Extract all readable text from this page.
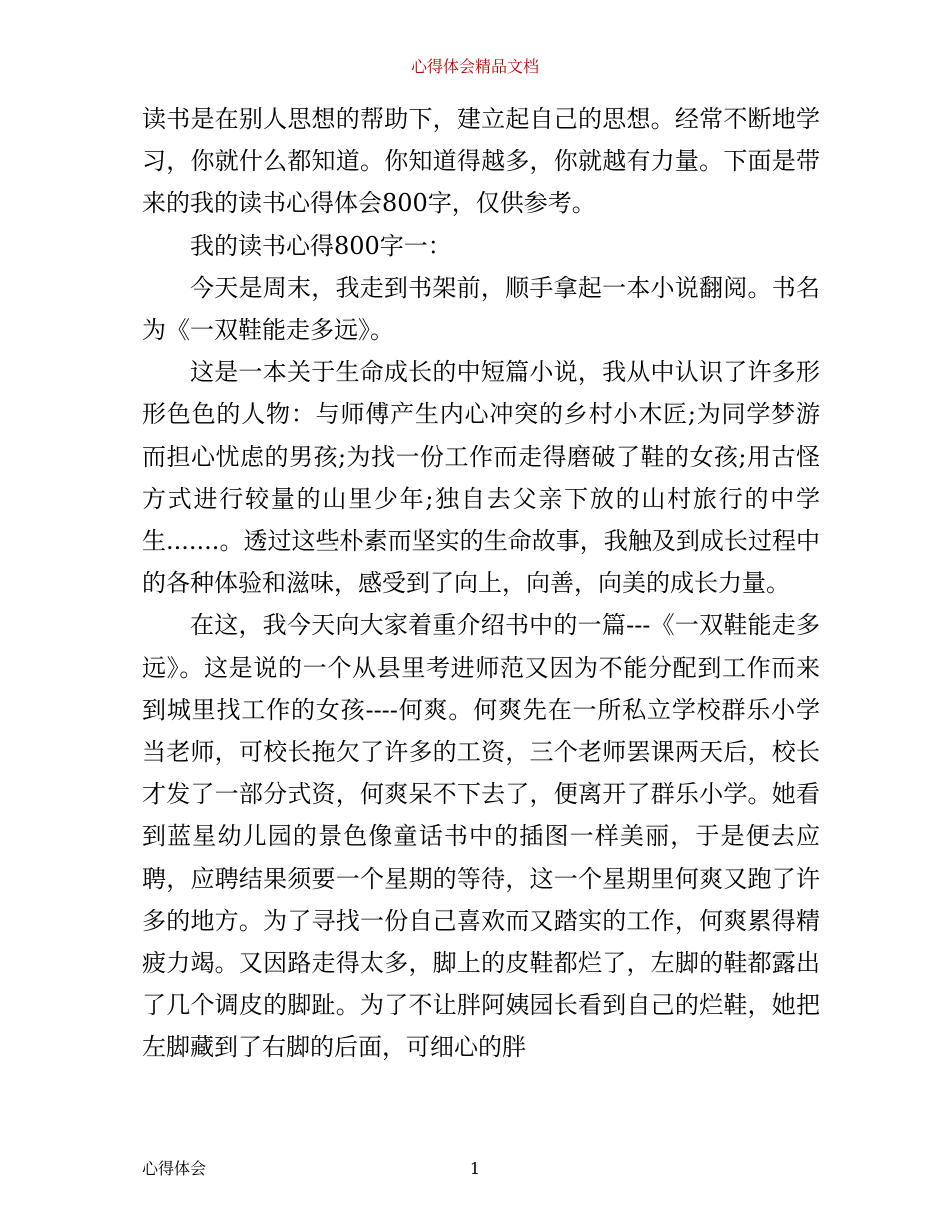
心得体会精品文档

读书是在别人思想的帮助下，建立起自己的思想。经常不断地学习，你就什么都知道。你知道得越多，你就越有力量。下面是带来的我的读书心得体会800字，仅供参考。

我的读书心得800字一：

今天是周末，我走到书架前，顺手拿起一本小说翻阅。书名为《一双鞋能走多远》。

这是一本关于生命成长的中短篇小说，我从中认识了许多形形色色的人物：与师傅产生内心冲突的乡村小木匠;为同学梦游而担心忧虑的男孩;为找一份工作而走得磨破了鞋的女孩;用古怪方式进行较量的山里少年;独自去父亲下放的山村旅行的中学生.......。透过这些朴素而坚实的生命故事，我触及到成长过程中的各种体验和滋味，感受到了向上，向善，向美的成长力量。

在这，我今天向大家着重介绍书中的一篇---《一双鞋能走多远》。这是说的一个从县里考进师范又因为不能分配到工作而来到城里找工作的女孩----何爽。何爽先在一所私立学校群乐小学当老师，可校长拖欠了许多的工资，三个老师罢课两天后，校长才发了一部分式资，何爽呆不下去了，便离开了群乐小学。她看到蓝星幼儿园的景色像童话书中的插图一样美丽，于是便去应聘，应聘结果须要一个星期的等待，这一个星期里何爽又跑了许多的地方。为了寻找一份自己喜欢而又踏实的工作，何爽累得精疲力竭。又因路走得太多，脚上的皮鞋都烂了，左脚的鞋都露出了几个调皮的脚趾。为了不让胖阿姨园长看到自己的烂鞋，她把左脚藏到了右脚的后面，可细心的胖

心得体会	1
